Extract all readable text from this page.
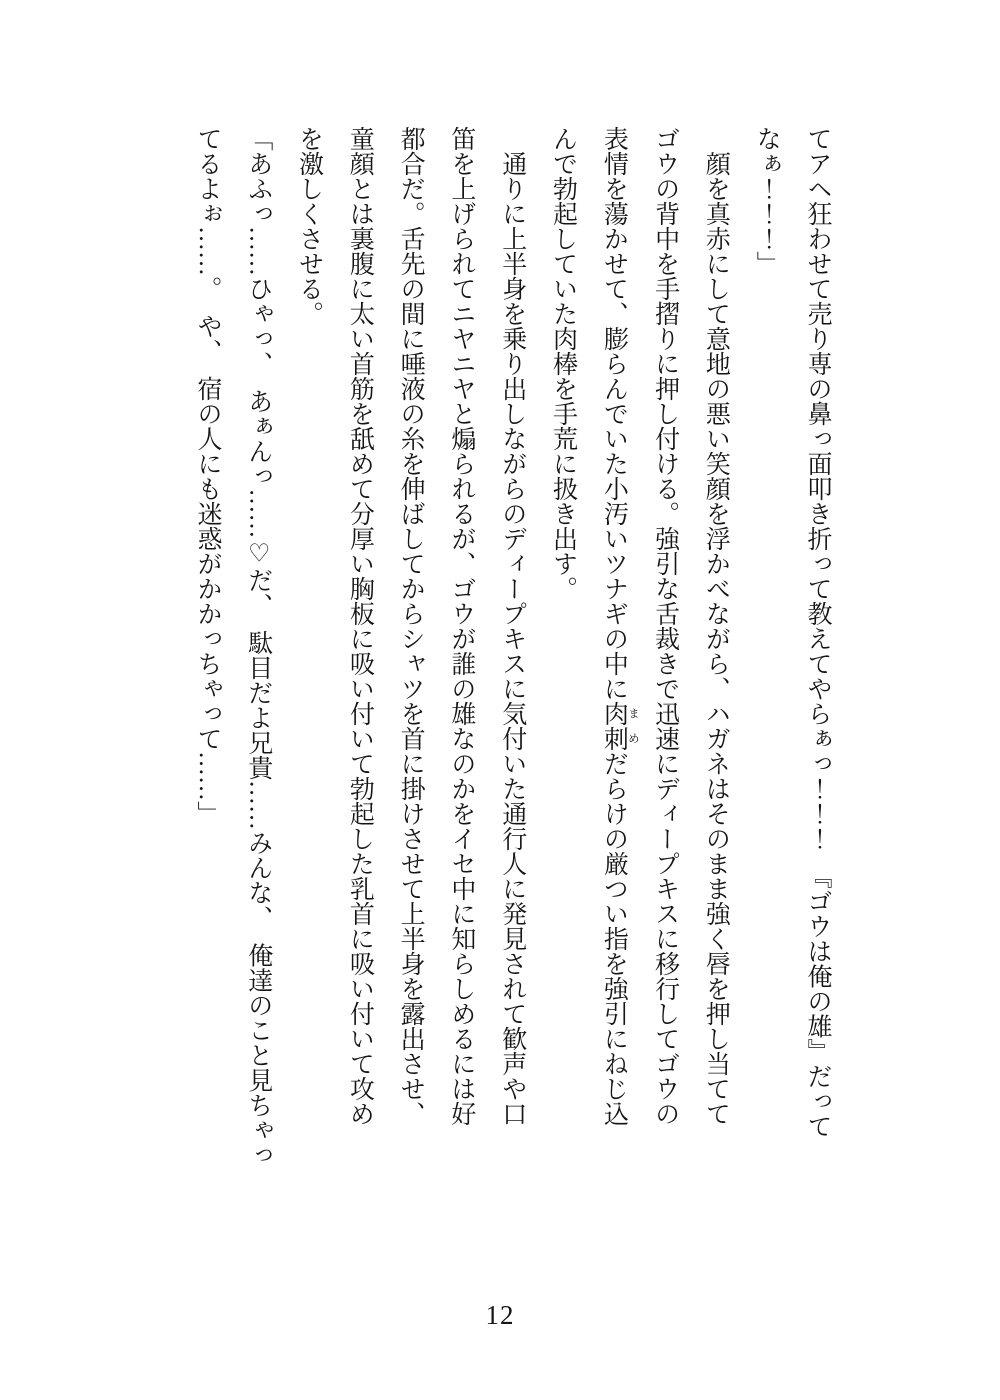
てアヘ狂わせて売り専の鼻っ面叩き折って教えてやらぁっ！！！　『ゴウは俺の雄』だって
なぁ！！！」
　顔を真赤にして意地の悪い笑顔を浮かべながら、ハガネはそのまま強く唇を押し当てて
ゴウの背中を手摺りに押し付ける。強引な舌裁きで迅速にディープキスに移行してゴウの
表情を蕩かせて、膨らんでいた小汚いツナギの中に肉刺 まめだらけの厳つい指を強引にねじ込
んで勃起していた肉棒を手荒に扱き出す。
　通りに上半身を乗り出しながらのディープキスに気付いた通行人に発見されて歓声や口
笛を上げられてニヤニヤと煽られるが、ゴウが誰の雄なのかをイセ中に知らしめるには好
都合だ。舌先の間に唾液の糸を伸ばしてからシャツを首に掛けさせて上半身を露出させ、
童顔とは裏腹に太い首筋を舐めて分厚い胸板に吸い付いて勃起した乳首に吸い付いて攻め
を激しくさせる。
「あふっ……ひゃっ、　あぁんっ……♡だ、　駄目だよ兄貴……みんな、　俺達のこと見ちゃっ
てるよぉ……。　や、　宿の人にも迷惑がかかっちゃって……」
12
